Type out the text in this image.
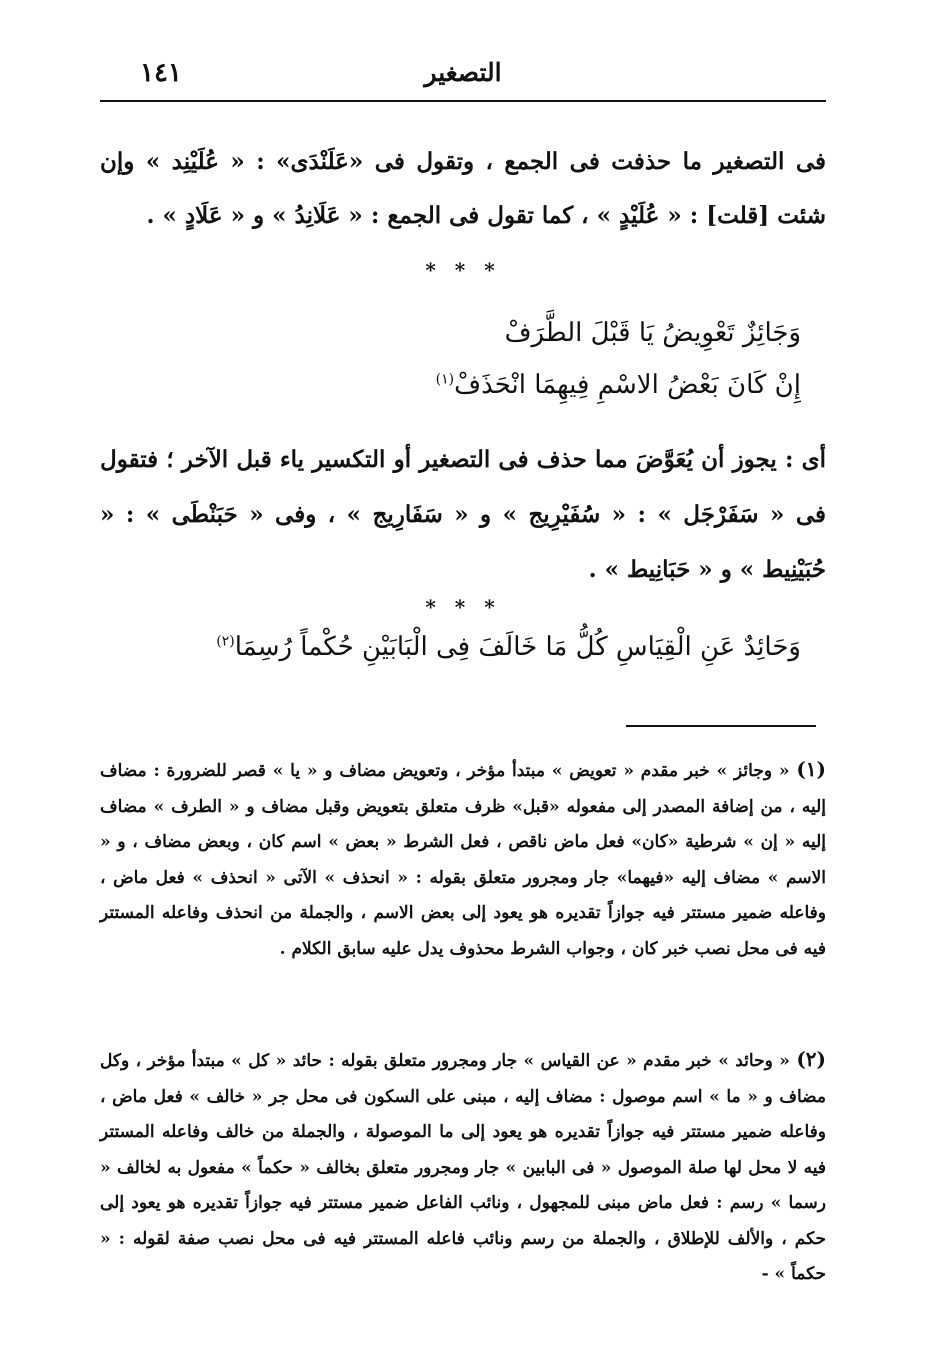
١٤١	التصغير

فى التصغير ما حذفت فى الجمع ، وتقول فى «عَلَنْدَى» : « عُلَيْنِد » وإن شئت [قلت] : « عُلَيْدٍ » ، كما تقول فى الجمع : « عَلَانِدُ » و « عَلَادٍ » .

* * *
وَجَائِزٌ تَعْوِيضُ يَا قَبْلَ الطَّرَفْ
إِنْ كَانَ بَعْضُ الاسْمِ فِيهِمَا انْحَذَفْ$^{(١)}$

أى : يجوز أن يُعَوَّضَ مما حذف فى التصغير أو التكسير ياء قبل الآخر ؛ فتقول فى « سَفَرْجَل » : « سُفَيْرِيج » و « سَفَارِيج » ، وفى « حَبَنْطَى » : « حُبَيْنِيط » و « حَبَانِيط » .

* * *
وَحَائِدٌ عَنِ الْقِيَاسِ كُلُّ مَا خَالَفَ فِى الْبَابَيْنِ حُكْماً رُسِمَا$^{(٢)}$
(١) « وجائز » خبر مقدم « تعويض » مبتدأ مؤخر ، وتعويض مضاف و « يا » قصر للضرورة : مضاف إليه ، من إضافة المصدر إلى مفعوله «قبل» ظرف متعلق بتعويض وقبل مضاف و « الطرف » مضاف إليه « إن » شرطية «كان» فعل ماض ناقص ، فعل الشرط « بعض » اسم كان ، وبعض مضاف ، و « الاسم » مضاف إليه «فيهما» جار ومجرور متعلق بقوله : « انحذف » الآتى « انحذف » فعل ماض ، وفاعله ضمير مستتر فيه جوازاً تقديره هو يعود إلى بعض الاسم ، والجملة من انحذف وفاعله المستتر فيه فى محل نصب خبر كان ، وجواب الشرط محذوف يدل عليه سابق الكلام .
(٢) « وحائد » خبر مقدم « عن القياس » جار ومجرور متعلق بقوله : حائد « كل » مبتدأ مؤخر ، وكل مضاف و « ما » اسم موصول : مضاف إليه ، مبنى على السكون فى محل جر « خالف » فعل ماض ، وفاعله ضمير مستتر فيه جوازاً تقديره هو يعود إلى ما الموصولة ، والجملة من خالف وفاعله المستتر فيه لا محل لها صلة الموصول « فى البابين » جار ومجرور متعلق بخالف « حكماً » مفعول به لخالف « رسما » رسم : فعل ماض مبنى للمجهول ، ونائب الفاعل ضمير مستتر فيه جوازاً تقديره هو يعود إلى حكم ، والألف للإطلاق ، والجملة من رسم ونائب فاعله المستتر فيه فى محل نصب صفة لقوله : « حكماً » -
